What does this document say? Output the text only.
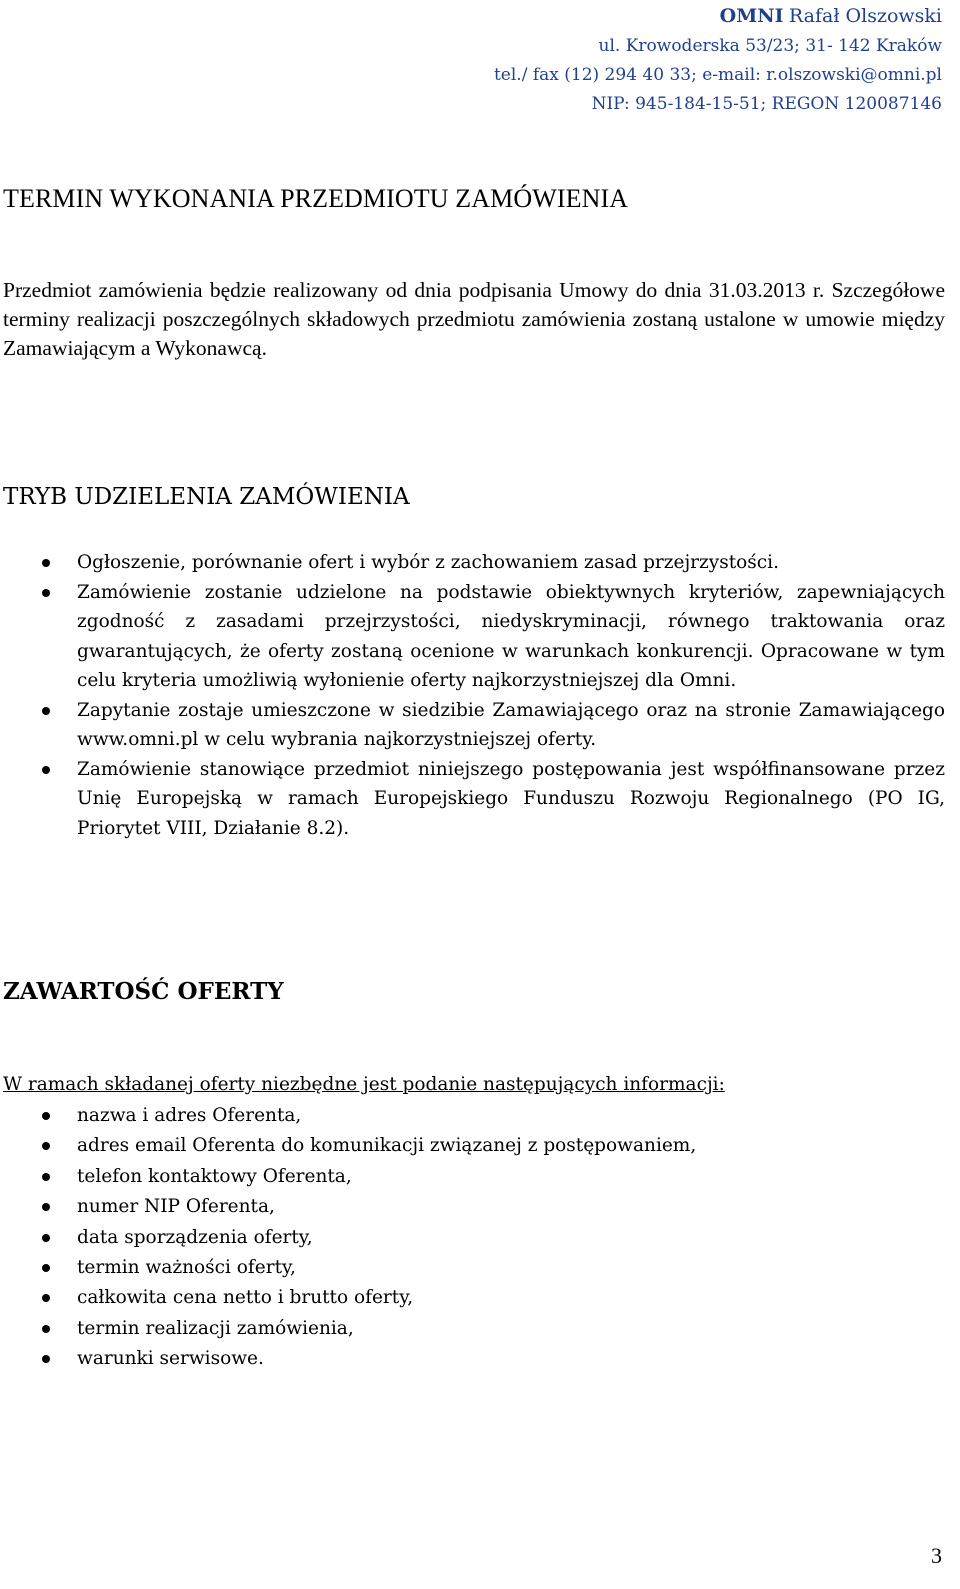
OMNI Rafał Olszowski
ul. Krowoderska 53/23; 31- 142 Kraków
tel./ fax (12) 294 40 33; e-mail: r.olszowski@omni.pl
NIP: 945-184-15-51; REGON 120087146
TERMIN WYKONANIA PRZEDMIOTU ZAMÓWIENIA

Przedmiot zamówienia będzie realizowany od dnia podpisania Umowy do dnia 31.03.2013 r. Szczegółowe terminy realizacji poszczególnych składowych przedmiotu zamówienia zostaną ustalone w umowie między Zamawiającym a Wykonawcą.

TRYB UDZIELENIA ZAMÓWIENIA
Ogłoszenie, porównanie ofert i wybór z zachowaniem zasad przejrzystości.
Zamówienie zostanie udzielone na podstawie obiektywnych kryteriów, zapewniających zgodność z zasadami przejrzystości, niedyskryminacji, równego traktowania oraz gwarantujących, że oferty zostaną ocenione w warunkach konkurencji. Opracowane w tym celu kryteria umożliwią wyłonienie oferty najkorzystniejszej dla Omni.
Zapytanie zostaje umieszczone w siedzibie Zamawiającego oraz na stronie Zamawiającego www.omni.pl w celu wybrania najkorzystniejszej oferty.
Zamówienie stanowiące przedmiot niniejszego postępowania jest współfinansowane przez Unię Europejską w ramach Europejskiego Funduszu Rozwoju Regionalnego (PO IG, Priorytet VIII, Działanie 8.2).
ZAWARTOŚĆ OFERTY

W ramach składanej oferty niezbędne jest podanie następujących informacji:

nazwa i adres Oferenta,
adres email Oferenta do komunikacji związanej z postępowaniem,
telefon kontaktowy Oferenta,
numer NIP Oferenta,
data sporządzenia oferty,
termin ważności oferty,
całkowita cena netto i brutto oferty,
termin realizacji zamówienia,
warunki serwisowe.
3
